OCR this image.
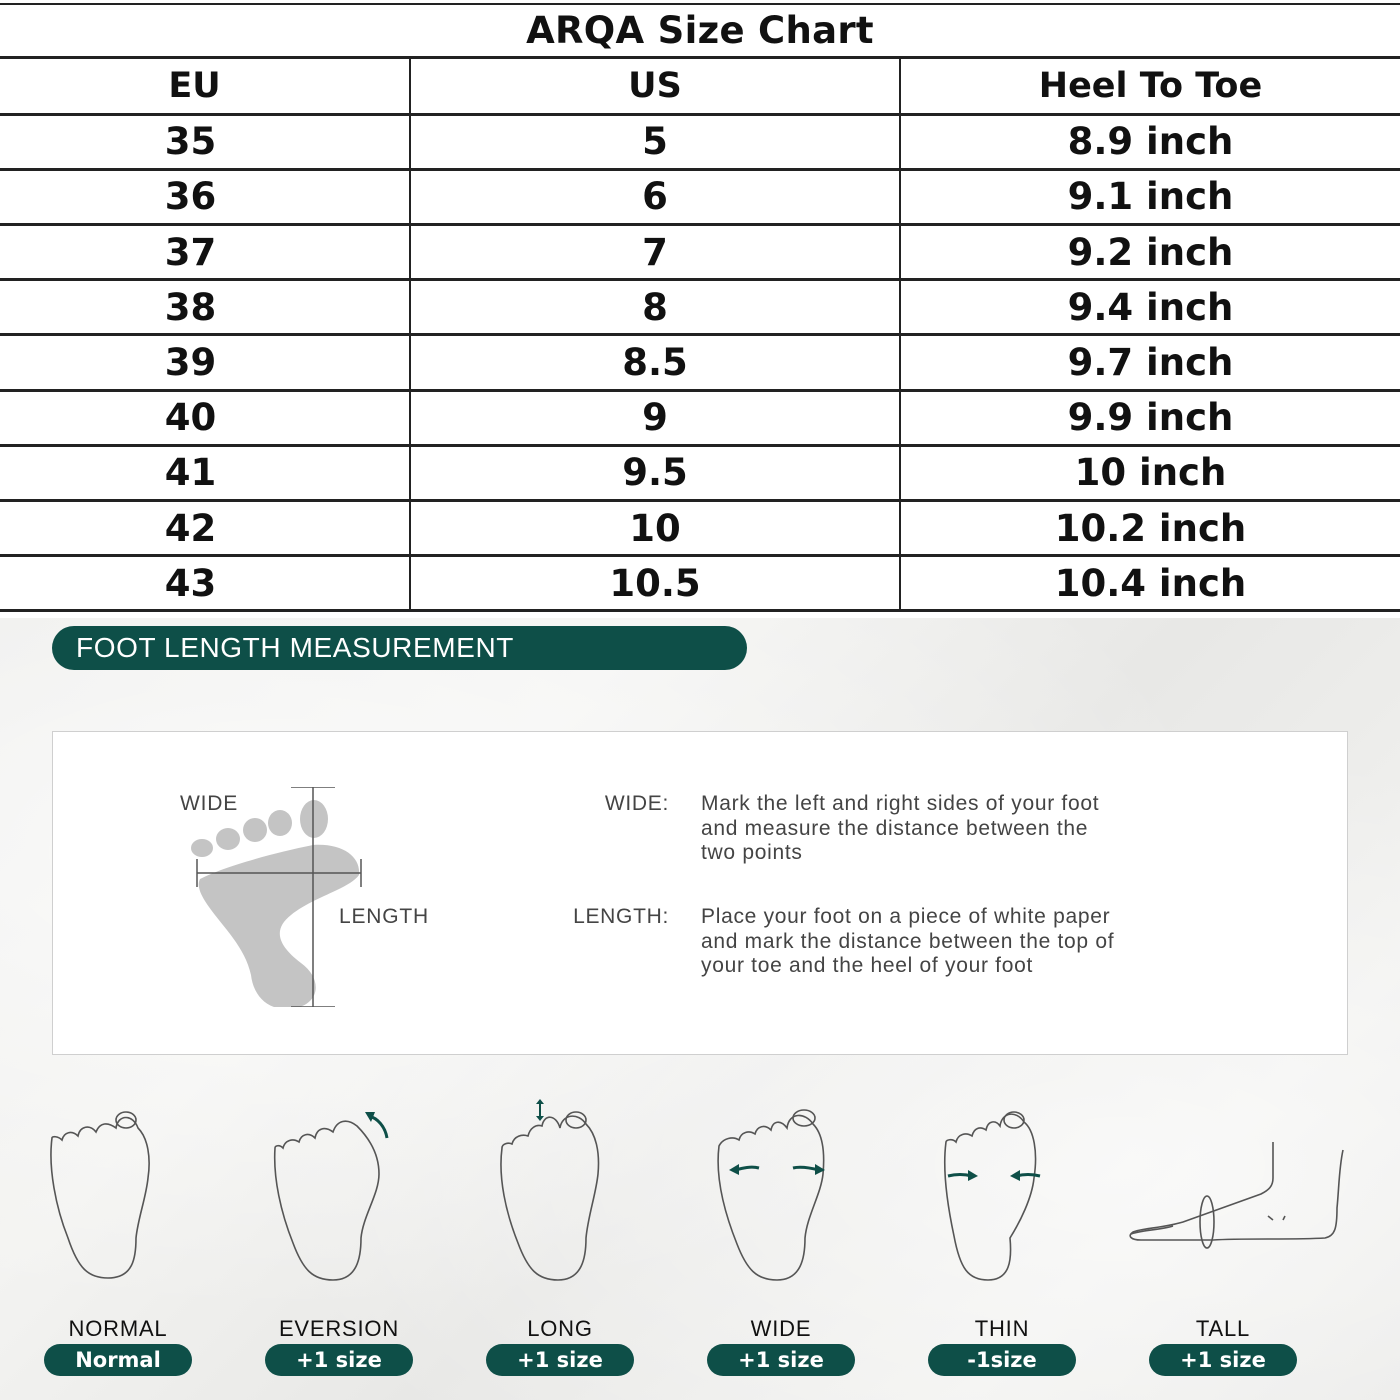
ARQA Size Chart
EU	US	Heel To Toe
35	5	8.9 inch
36	6	9.1 inch
37	7	9.2 inch
38	8	9.4 inch
39	8.5	9.7 inch
40	9	9.9 inch
41	9.5	10 inch
42	10	10.2 inch
43	10.5	10.4 inch
FOOT LENGTH MEASUREMENT
WIDE
LENGTH
WIDE: Mark the left and right sides of your foot
and measure the distance between the
two points
LENGTH: Place your foot on a piece of white paper
and mark the distance between the top of
your toe and the heel of your foot
NORMAL
Normal
EVERSION
+1 size
LONG
+1 size
WIDE
+1 size
THIN
-1size
TALL
+1 size
